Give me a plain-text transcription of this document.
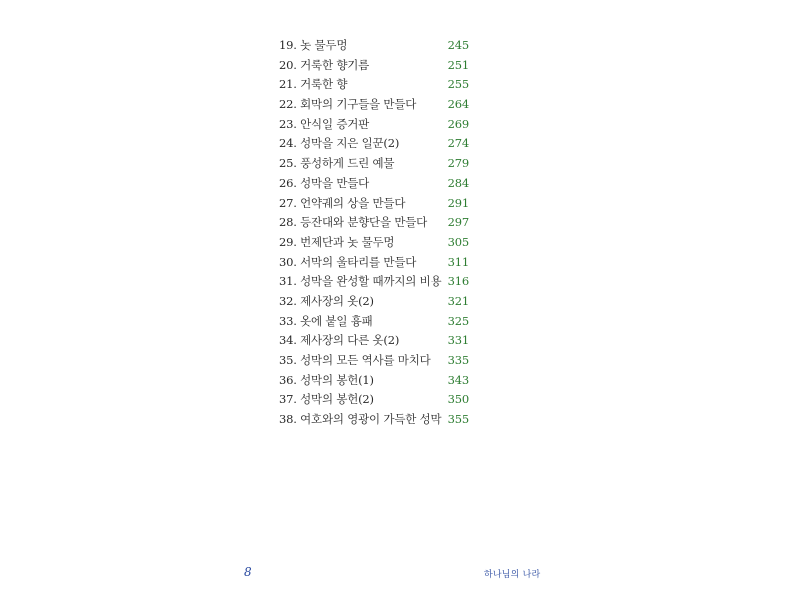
19. 놋 물두멍	245
20. 거룩한 향기름	251
21. 거룩한 향	255
22. 회막의 기구들을 만들다	264
23. 안식일 증거판	269
24. 성막을 지은 일꾼(2)	274
25. 풍성하게 드린 예물	279
26. 성막을 만들다	284
27. 언약궤의 상을 만들다	291
28. 등잔대와 분향단을 만들다 297
29. 번제단과 놋 물두멍	305
30. 서막의 울타리를 만들다	311
31. 성막을 완성할 때까지의 비용 316
32. 제사장의 옷(2)	321
33. 옷에 붙일 흉패	325
34. 제사장의 다른 옷(2)	331
35. 성막의 모든 역사를 마치다 335
36. 성막의 봉헌(1)	343
37. 성막의 봉헌(2)	350
38. 여호와의 영광이 가득한 성막 355
8	하나님의 나라
